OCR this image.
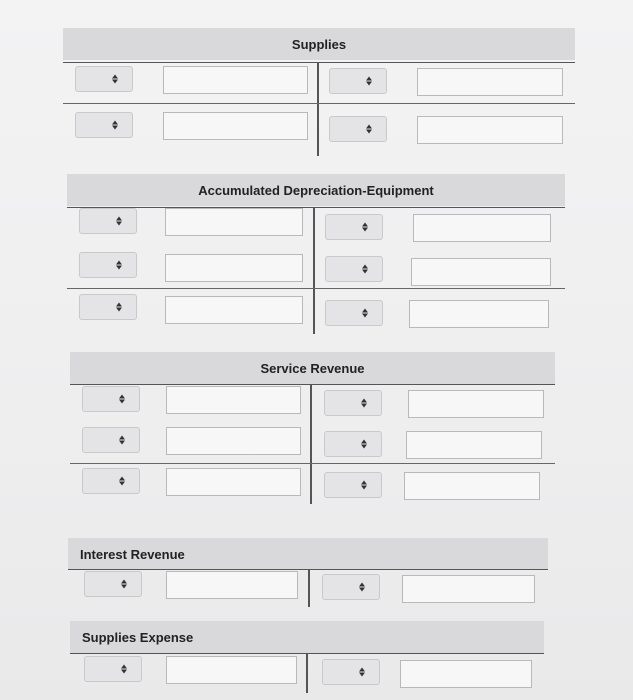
Supplies
Accumulated Depreciation-Equipment
Service Revenue
Interest Revenue
Supplies Expense
